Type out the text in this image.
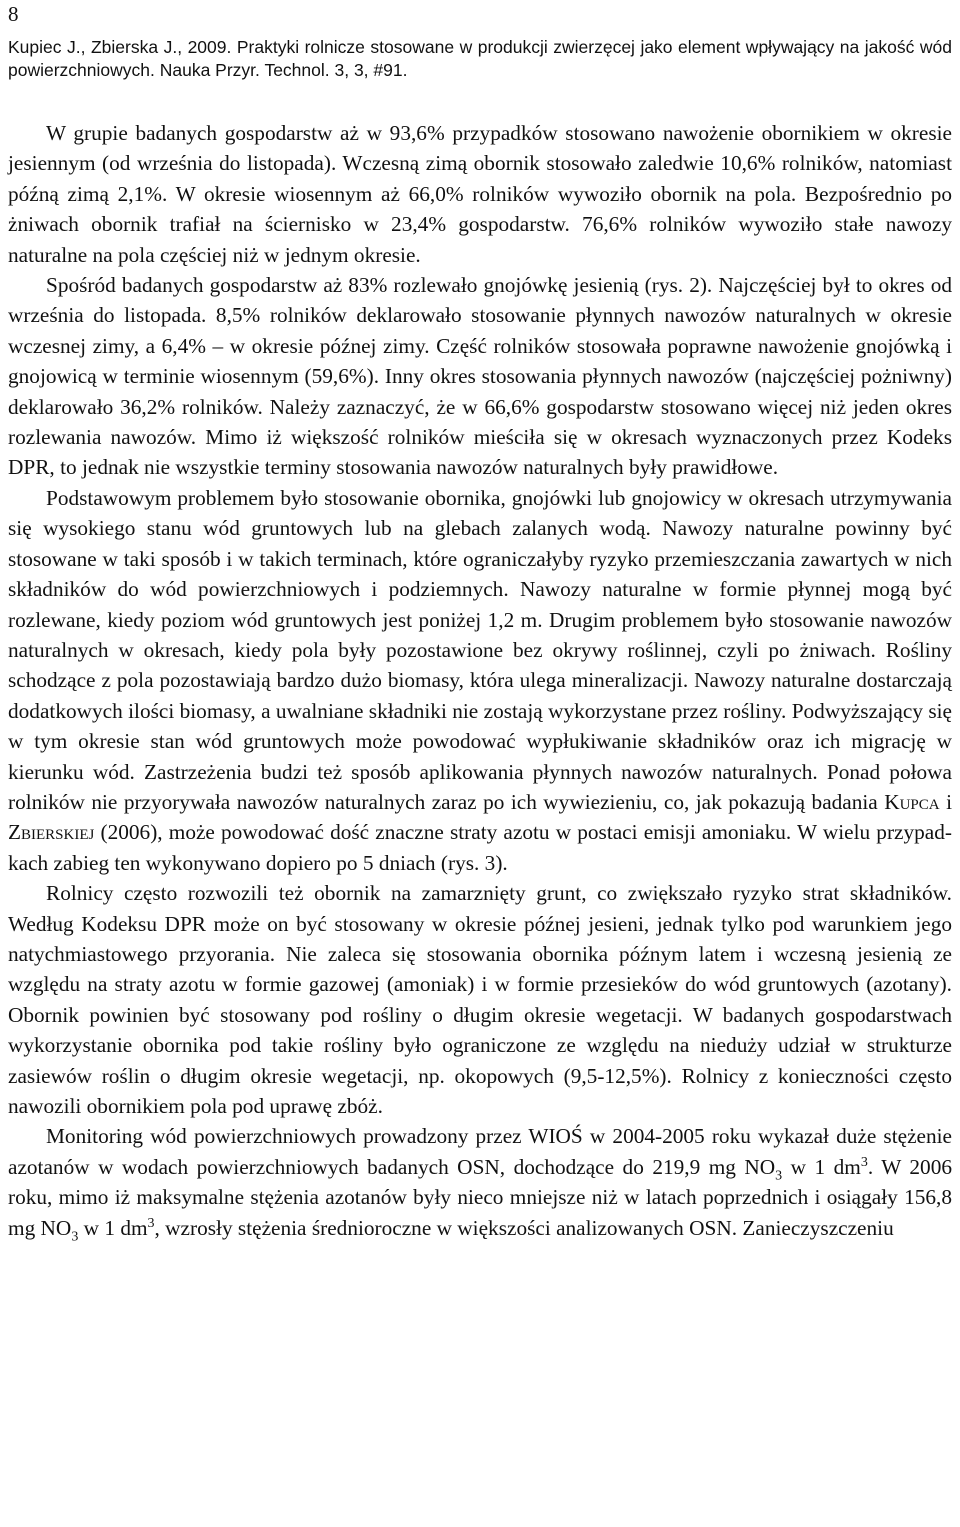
8
Kupiec J., Zbierska J., 2009. Praktyki rolnicze stosowane w produkcji zwierzęcej jako element wpływający na jakość wód powierzchniowych. Nauka Przyr. Technol. 3, 3, #91.

W grupie badanych gospodarstw aż w 93,6% przypadków stosowano nawożenie obornikiem w okresie jesiennym (od września do listopada). Wczesną zimą obornik stosowało zaledwie 10,6% rolników, natomiast późną zimą 2,1%. W okresie wiosennym aż 66,0% rolników wywoziło obornik na pola. Bezpośrednio po żniwach obornik trafiał na ściernisko w 23,4% gospodarstw. 76,6% rolników wywoziło stałe nawozy naturalne na pola częściej niż w jednym okresie.

Spośród badanych gospodarstw aż 83% rozlewało gnojówkę jesienią (rys. 2). Najczęściej był to okres od września do listopada. 8,5% rolników deklarowało stosowanie płynnych nawozów naturalnych w okresie wczesnej zimy, a 6,4% – w okresie późnej zimy. Część rolników stosowała poprawne nawożenie gnojówką i gnojowicą w terminie wiosennym (59,6%). Inny okres stosowania płynnych nawozów (najczęściej pożniwny) deklarowało 36,2% rolników. Należy zaznaczyć, że w 66,6% gospodarstw stosowano więcej niż jeden okres rozlewania nawozów. Mimo iż większość rolników mieściła się w okresach wyznaczonych przez Kodeks DPR, to jednak nie wszystkie terminy stosowania nawozów naturalnych były prawidłowe.

Podstawowym problemem było stosowanie obornika, gnojówki lub gnojowicy w okresach utrzymywania się wysokiego stanu wód gruntowych lub na glebach zalanych wodą. Nawozy naturalne powinny być stosowane w taki sposób i w takich terminach, które ograniczałyby ryzyko przemieszczania zawartych w nich składników do wód powierzchniowych i podziemnych. Nawozy naturalne w formie płynnej mogą być rozlewane, kiedy poziom wód gruntowych jest poniżej 1,2 m. Drugim problemem było stosowanie nawozów naturalnych w okresach, kiedy pola były pozostawione bez okrywy roślinnej, czyli po żniwach. Rośliny schodzące z pola pozostawiają bardzo dużo biomasy, która ulega mineralizacji. Nawozy naturalne dostarczają dodatkowych ilości biomasy, a uwalniane składniki nie zostają wykorzystane przez rośliny. Podwyższający się w tym okresie stan wód gruntowych może powodować wypłukiwanie składników oraz ich migrację w kierunku wód. Zastrzeżenia budzi też sposób aplikowania płynnych nawozów naturalnych. Ponad połowa rolników nie przyorywała nawozów naturalnych zaraz po ich wywiezieniu, co, jak pokazują badania Kupca i Zbierskiej (2006), może powodować dość znaczne straty azotu w postaci emisji amoniaku. W wielu przypadkach zabieg ten wykonywano dopiero po 5 dniach (rys. 3).

Rolnicy często rozwozili też obornik na zamarznięty grunt, co zwiększało ryzyko strat składników. Według Kodeksu DPR może on być stosowany w okresie późnej jesieni, jednak tylko pod warunkiem jego natychmiastowego przyorania. Nie zaleca się stosowania obornika późnym latem i wczesną jesienią ze względu na straty azotu w formie gazowej (amoniak) i w formie przesieków do wód gruntowych (azotany). Obornik powinien być stosowany pod rośliny o długim okresie wegetacji. W badanych gospodarstwach wykorzystanie obornika pod takie rośliny było ograniczone ze względu na nieduży udział w strukturze zasiewów roślin o długim okresie wegetacji, np. okopowych (9,5-12,5%). Rolnicy z konieczności często nawozili obornikiem pola pod uprawę zbóż.

Monitoring wód powierzchniowych prowadzony przez WIOŚ w 2004-2005 roku wykazał duże stężenie azotanów w wodach powierzchniowych badanych OSN, dochodzące do 219,9 mg $NO_3$ w 1 $dm^3$. W 2006 roku, mimo iż maksymalne stężenia azotanów były nieco mniejsze niż w latach poprzednich i osiągały 156,8 mg $NO_3$ w 1 $dm^3$, wzrosły stężenia średnioroczne w większości analizowanych OSN. Zanieczyszczeniu
